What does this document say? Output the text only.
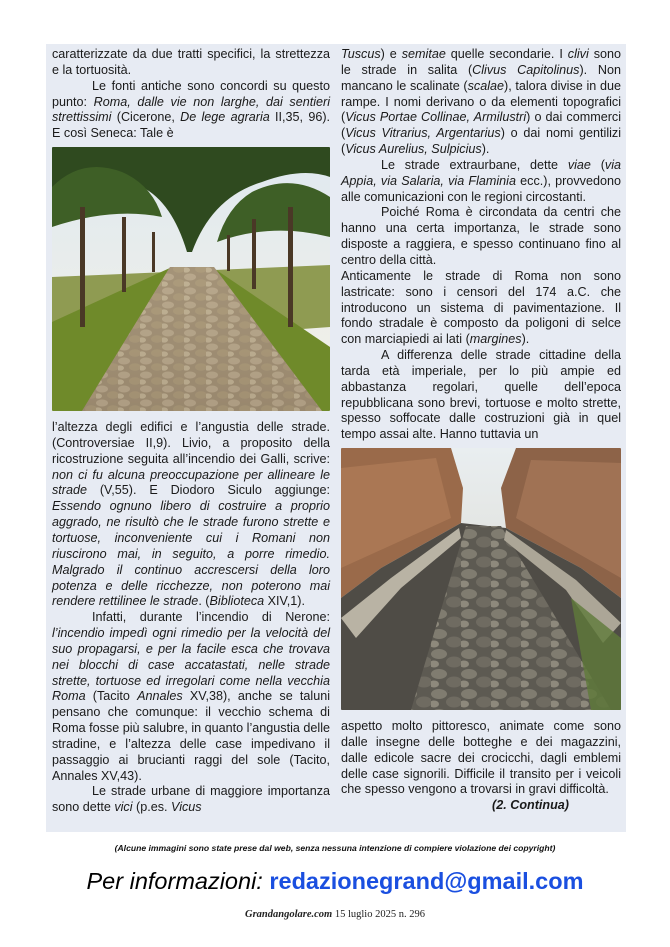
caratterizzate da due tratti specifici, la strettezza e la tortuosità.

Le fonti antiche sono concordi su questo punto: Roma, dalle vie non larghe, dai sentieri strettissimi (Cicerone, De lege agraria II,35, 96). E così Seneca: Tale è

l’altezza degli edifici e l’angustia delle strade. (Controversiae II,9). Livio, a proposito della ricostruzione seguita all’incendio dei Galli, scrive: non ci fu alcuna preoccupazione per allineare le strade (V,55). E Diodoro Siculo aggiunge: Essendo ognuno libero di costruire a proprio aggrado, ne risultò che le strade furono strette e tortuose, inconveniente cui i Romani non riuscirono mai, in seguito, a porre rimedio. Malgrado il continuo accrescersi della loro potenza e delle ricchezze, non poterono mai rendere rettilinee le strade. (Biblioteca XIV,1).

Infatti, durante l’incendio di Nerone: l’incendio impedì ogni rimedio per la velocità del suo propagarsi, e per la facile esca che trovava nei blocchi di case accatastati, nelle strade strette, tortuose ed irregolari come nella vecchia Roma (Tacito Annales XV,38), anche se taluni pensano che comunque: il vecchio schema di Roma fosse più salubre, in quanto l’angustia delle stradine, e l’altezza delle case impedivano il passaggio ai brucianti raggi del sole (Tacito, Annales XV,43).

Le strade urbane di maggiore importanza sono dette vici (p.es. Vicus

Tuscus) e semitae quelle secondarie. I clivi sono le strade in salita (Clivus Capitolinus). Non mancano le scalinate (scalae), talora divise in due rampe. I nomi derivano o da elementi topografici (Vicus Portae Collinae, Armilustri) o dai commerci (Vicus Vitrarius, Argentarius) o dai nomi gentilizi (Vicus Aurelius, Sulpicius).

Le strade extraurbane, dette viae (via Appia, via Salaria, via Flaminia ecc.), provvedono alle comunicazioni con le regioni circostanti.

Poiché Roma è circondata da centri che hanno una certa importanza, le strade sono disposte a raggiera, e spesso continuano fino al centro della città.

Anticamente le strade di Roma non sono lastricate: sono i censori del 174 a.C. che introducono un sistema di pavimentazione. Il fondo stradale è composto da poligoni di selce con marciapiedi ai lati (margines).

A differenza delle strade cittadine della tarda età imperiale, per lo più ampie ed abbastanza regolari, quelle dell’epoca repubblicana sono brevi, tortuose e molto strette, spesso soffocate dalle costruzioni già in quel tempo assai alte. Hanno tuttavia un

aspetto molto pittoresco, animate come sono dalle insegne delle botteghe e dei magazzini, dalle edicole sacre dei crocicchi, dagli emblemi delle case signorili. Difficile il transito per i veicoli che spesso vengono a trovarsi in gravi difficoltà.

(2. Continua)

(Alcune immagini sono state prese dal web, senza nessuna intenzione di compiere violazione dei copyright)
Per informazioni: redazionegrand@gmail.com
Grandangolare.com 15 luglio 2025 n. 296
